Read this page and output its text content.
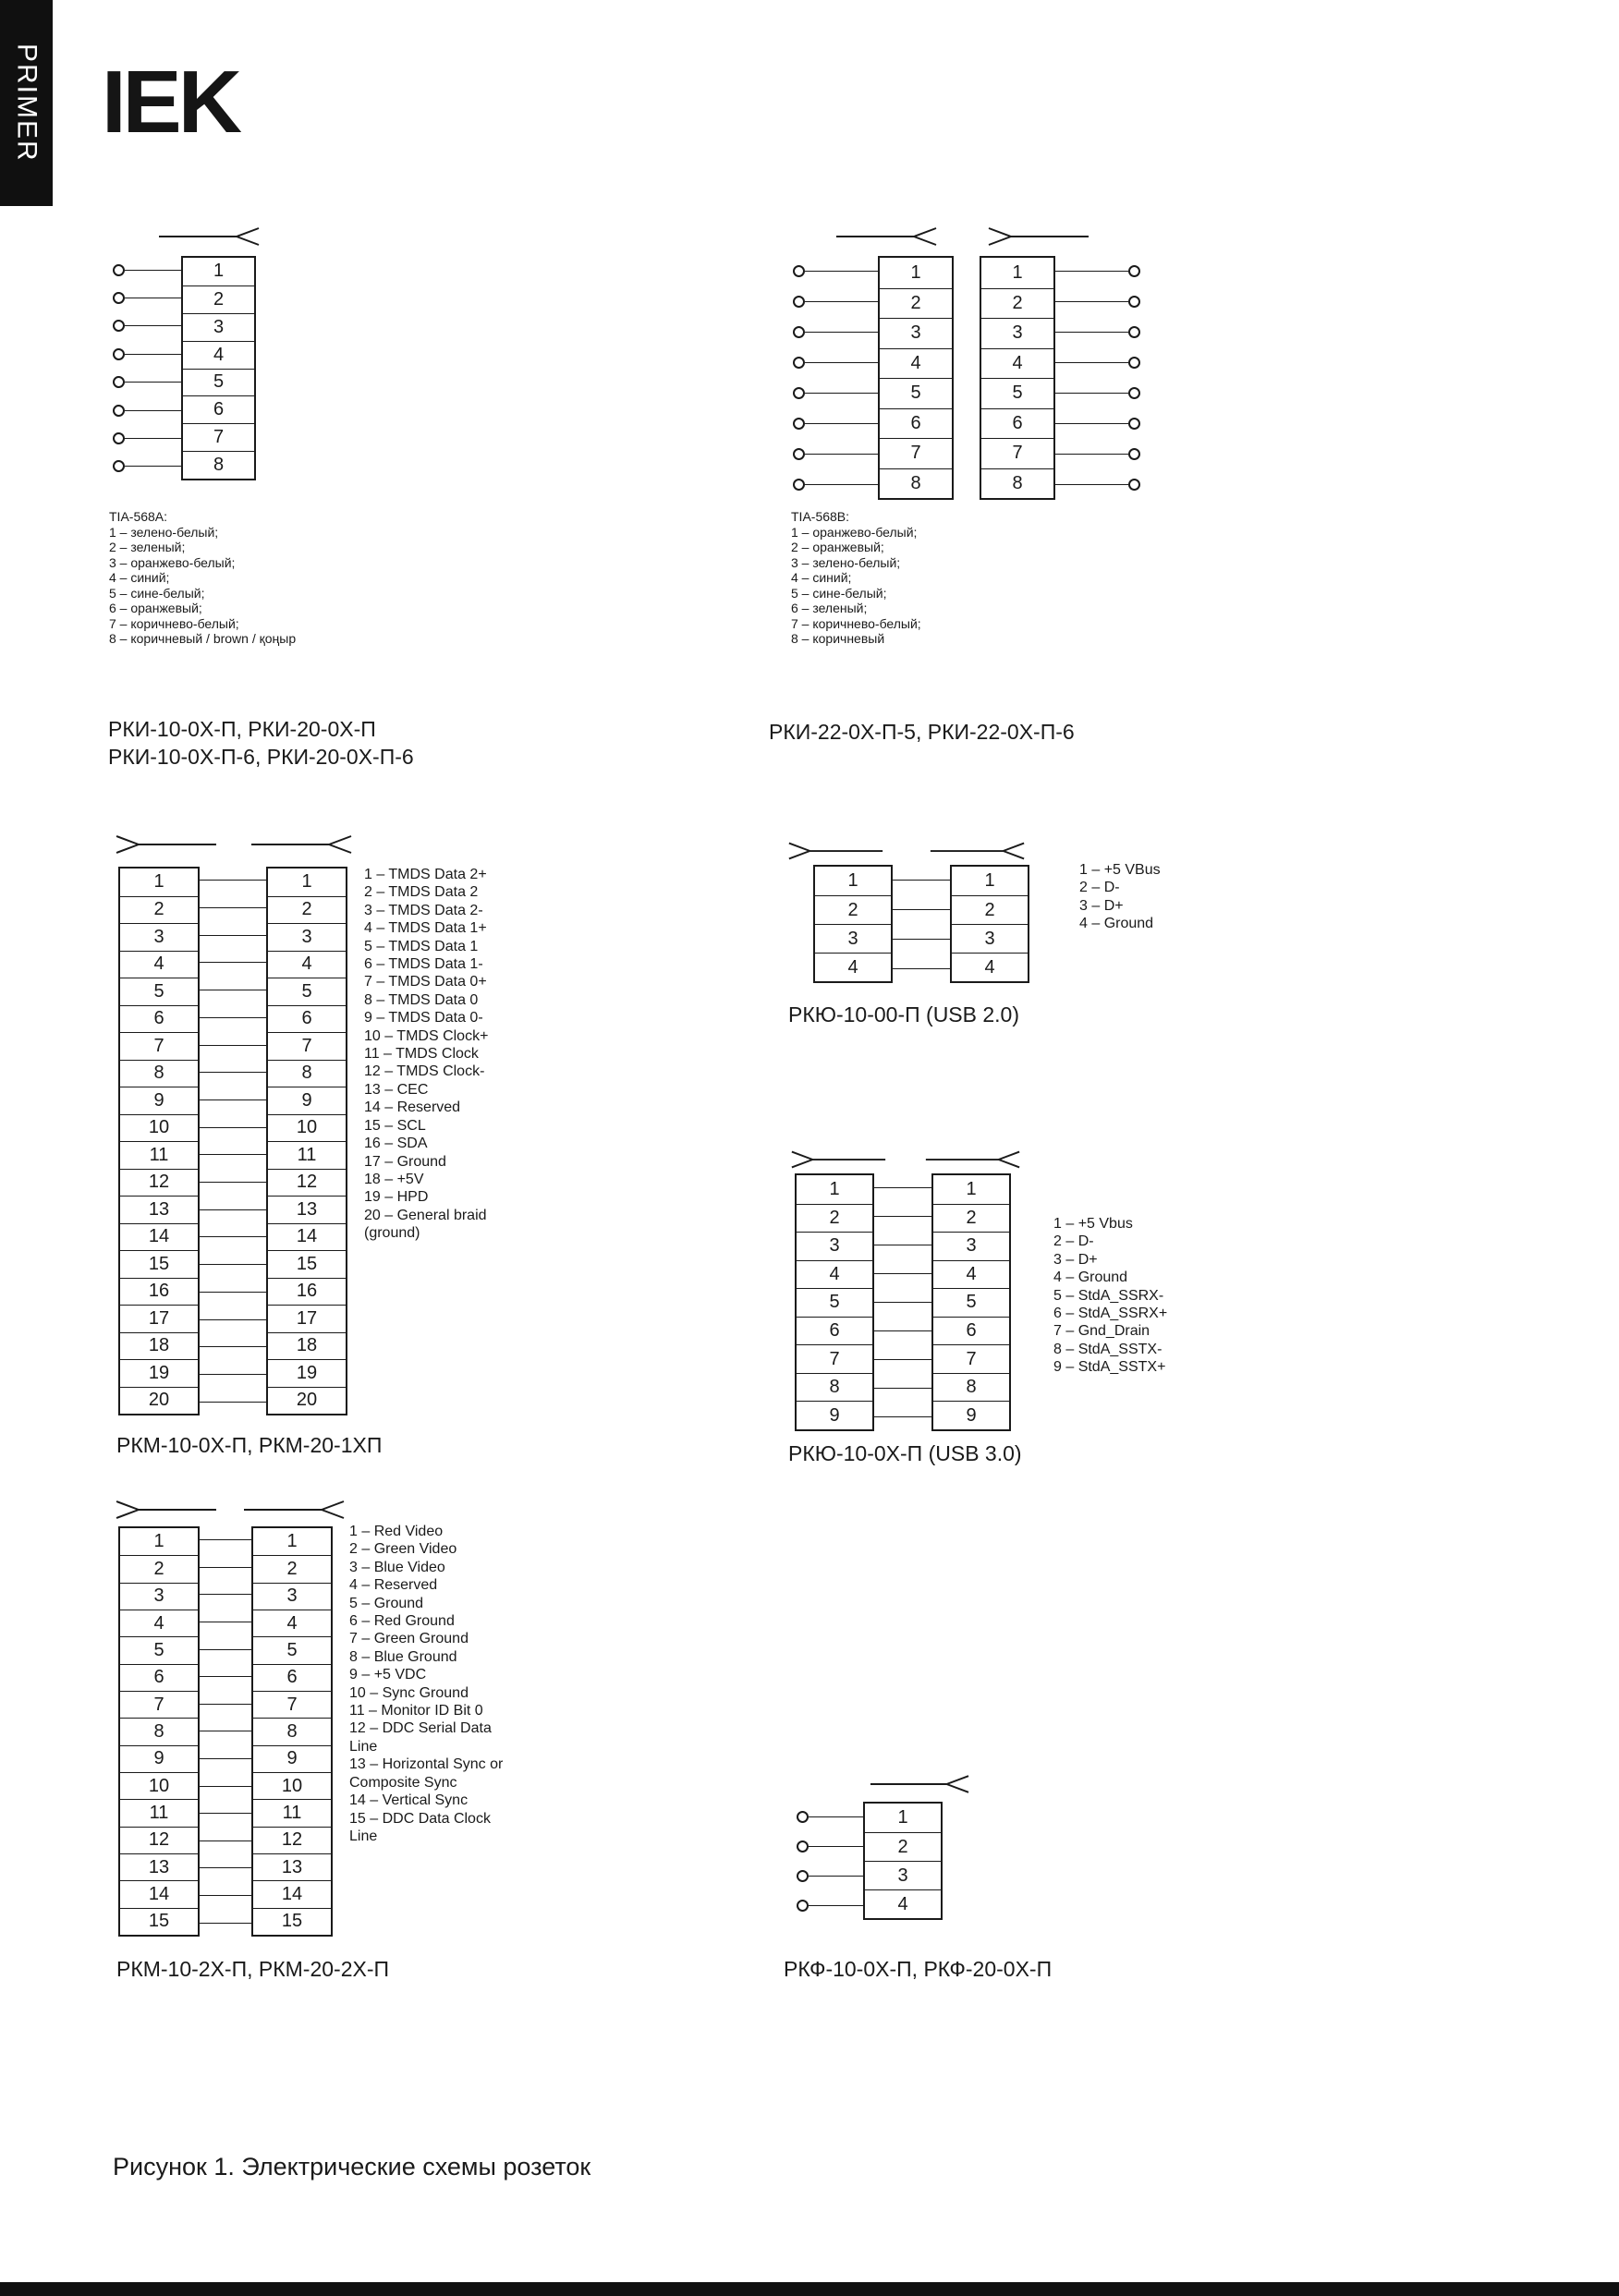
PRIMER IEK
1
2
3
4
5
6
7
8
TIA-568A:
1 – зелено-белый;
2 – зеленый;
3 – оранжево-белый;
4 – синий;
5 – сине-белый;
6 – оранжевый;
7 – коричнево-белый;
8 – коричневый / brown / қоңыр
РКИ-10-0Х-П, РКИ-20-0Х-П
РКИ-10-0Х-П-6, РКИ-20-0Х-П-6
1
2
3
4
5
6
7
8
1
2
3
4
5
6
7
8
TIA-568B:
1 – оранжево-белый;
2 – оранжевый;
3 – зелено-белый;
4 – синий;
5 – сине-белый;
6 – зеленый;
7 – коричнево-белый;
8 – коричневый
РКИ-22-0Х-П-5, РКИ-22-0Х-П-6
1
2
3
4
5
6
7
8
9
10
11
12
13
14
15
16
17
18
19
20
1
2
3
4
5
6
7
8
9
10
11
12
13
14
15
16
17
18
19
20
1 – TMDS Data 2+
2 – TMDS Data 2
3 – TMDS Data 2-
4 – TMDS Data 1+
5 – TMDS Data 1
6 – TMDS Data 1-
7 – TMDS Data 0+
8 – TMDS Data 0
9 – TMDS Data 0-
10 – TMDS Clock+
11 – TMDS Clock
12 – TMDS Clock-
13 – CEC
14 – Reserved
15 – SCL
16 – SDA
17 – Ground
18 – +5V
19 – HPD
20 – General braid
(ground)
РКМ-10-0Х-П, РКМ-20-1ХП
1
2
3
4
1
2
3
4
1 – +5 VBus
2 – D-
3 – D+
4 – Ground
РКЮ-10-00-П (USB 2.0)
1
2
3
4
5
6
7
8
9
1
2
3
4
5
6
7
8
9
1 – +5 Vbus
2 – D-
3 – D+
4 – Ground
5 – StdA_SSRX-
6 – StdA_SSRX+
7 – Gnd_Drain
8 – StdA_SSTX-
9 – StdA_SSTX+
РКЮ-10-0Х-П (USB 3.0)
1
2
3
4
5
6
7
8
9
10
11
12
13
14
15
1
2
3
4
5
6
7
8
9
10
11
12
13
14
15
1 – Red Video
2 – Green Video
3 – Blue Video
4 – Reserved
5 – Ground
6 – Red Ground
7 – Green Ground
8 – Blue Ground
9 – +5 VDC
10 – Sync Ground
11 – Monitor ID Bit 0
12 – DDC Serial Data
Line
13 – Horizontal Sync or
Composite Sync
14 – Vertical Sync
15 – DDC Data Clock
Line
РКМ-10-2Х-П, РКМ-20-2Х-П
1
2
3
4
РКФ-10-0Х-П, РКФ-20-0Х-П
Рисунок 1. Электрические схемы розеток
